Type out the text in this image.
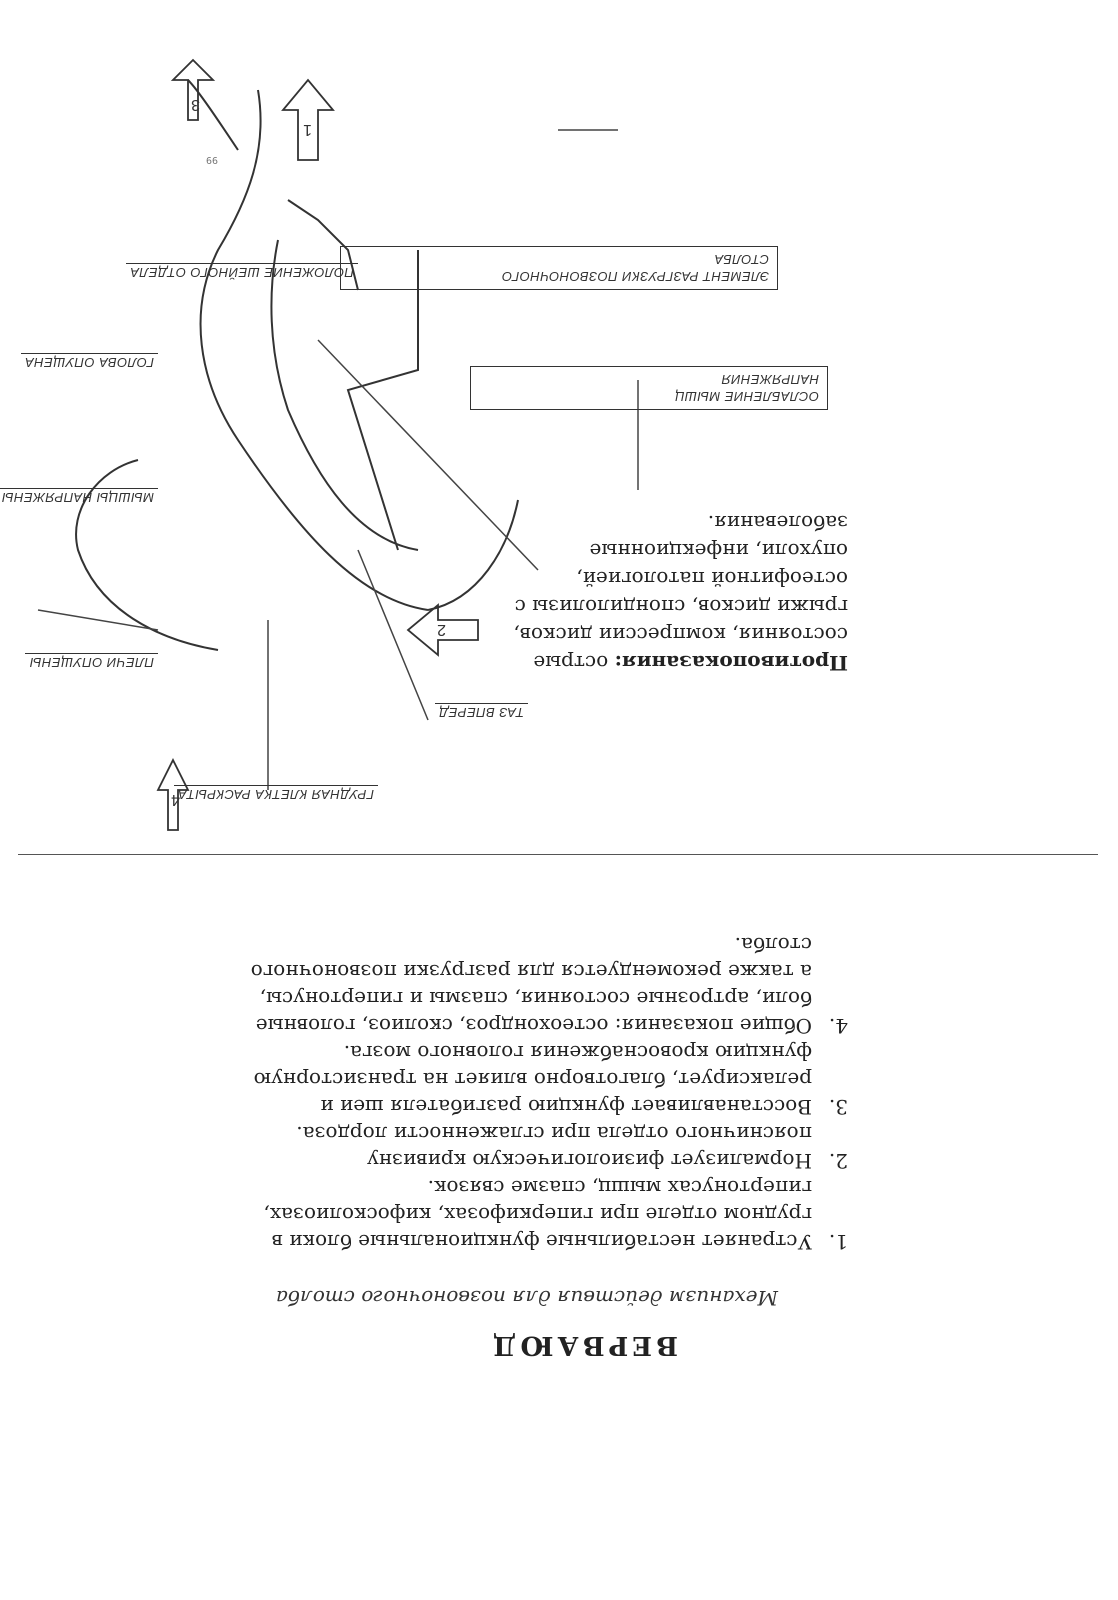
ВЕРВАЮД
Механизм действия для позвоночного столба
1.
Устраняет нестабильные функциональные блоки в грудном отделе при гиперкифозах, кифосколиозах, гипертонусах мышц, спазме связок.
2.
Нормализует физиологическую кривизну поясничного отдела при сглаженности лордоза.
3.
Восстанавливает функцию разгибателя шеи и релаксирует, благотворно влияет на транзисторную функцию кровоснабжения головного мозга.
4.
Общие показания: остеохондроз, сколиоз, головные боли, артрозные состояния, спазмы и гипертонусы, а также рекомендуется для разгрузки позвоночного столба.
4
2
1
3
Противопоказания: острые состояния, компрессии дисков, грыжи дисков, спондилолизы с остеофитной патологией, опухоли, инфекционные заболевания.
ГРУДНАЯ КЛЕТКА РАСКРЫТА
ТАЗ ВПЕРЕД
ПЛЕЧИ ОПУЩЕНЫ
МЫШЦЫ НАПРЯЖЕНЫ
ГОЛОВА ОПУЩЕНА
ПОЛОЖЕНИЕ ШЕЙНОГО ОТДЕЛА
ОСЛАБЛЕНИЕ МЫШЦ
НАПРЯЖЕНИЯ
ЭЛЕМЕНТ РАЗГРУЗКИ ПОЗВОНОЧНОГО
СТОЛБА
99
